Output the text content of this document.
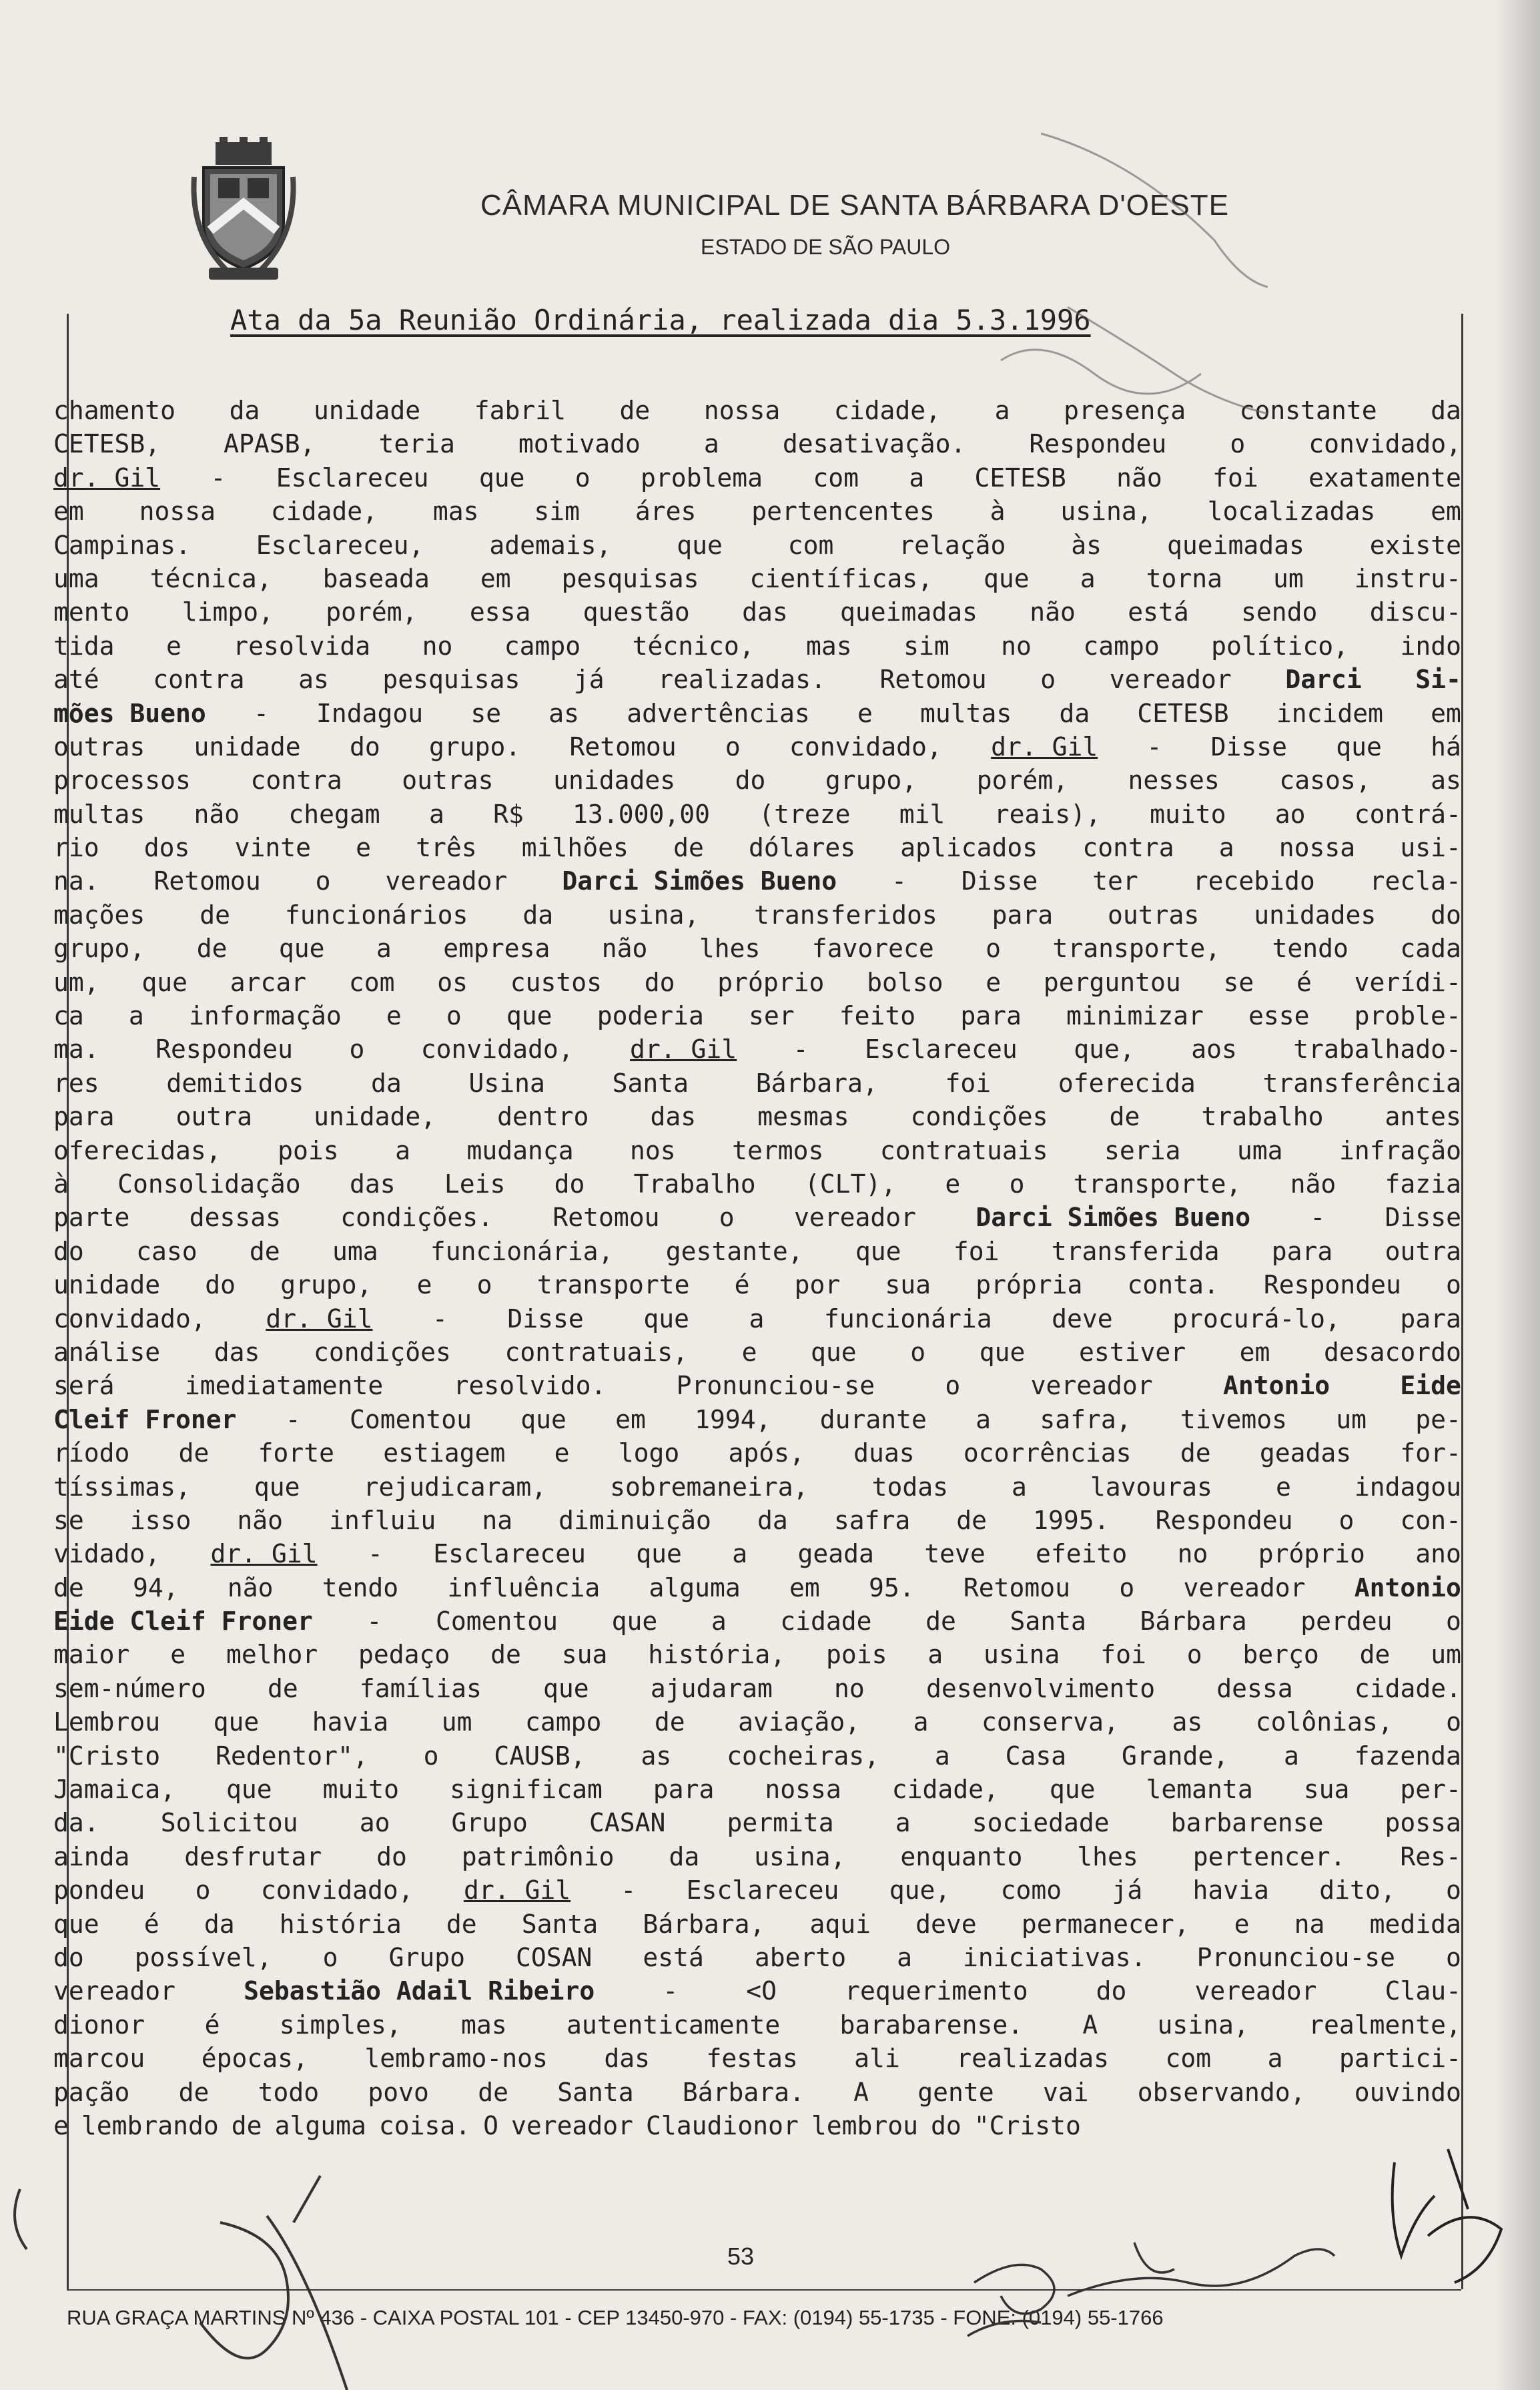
CÂMARA MUNICIPAL DE SANTA BÁRBARA D'OESTE
ESTADO DE SÃO PAULO
Ata da 5a Reunião Ordinária, realizada dia 5.3.1996
chamento da unidade fabril de nossa cidade, a presença constante da
CETESB,	APASB,	teria	motivado	a	desativação.	Respondeu	o	convidado,
dr. Gil - Esclareceu que o problema com a CETESB não foi exatamente
em nossa cidade, mas sim áres pertencentes à usina, localizadas em
Campinas.	Esclareceu,	ademais,	que	com	relação	às	queimadas	existe
uma técnica, baseada em pesquisas científicas, que a torna um instru-
mento limpo, porém, essa questão das queimadas não está sendo discu-
tida e resolvida no campo técnico, mas sim no campo político, indo
até contra as pesquisas já realizadas. Retomou o vereador Darci Si-
mões Bueno - Indagou se as advertências e multas da CETESB incidem em
outras unidade do grupo. Retomou o convidado, dr. Gil - Disse que há
processos contra outras unidades do grupo, porém, nesses casos, as
multas não chegam a R$ 13.000,00 (treze mil reais), muito ao contrá-
rio dos vinte e três milhões de dólares aplicados contra a nossa usi-
na. Retomou o vereador Darci Simões Bueno - Disse ter recebido recla-
mações de funcionários da usina, transferidos para outras unidades do
grupo, de que a empresa não lhes favorece o transporte, tendo cada
um, que arcar com os custos do próprio bolso e perguntou se é verídi-
ca a informação e o que poderia ser feito para minimizar esse proble-
ma. Respondeu o convidado, dr. Gil - Esclareceu que, aos trabalhado-
res	demitidos	da	Usina	Santa	Bárbara,	foi	oferecida	transferência
para outra unidade, dentro das mesmas condições de trabalho antes
oferecidas, pois a mudança nos termos contratuais seria uma infração
à Consolidação das Leis do Trabalho (CLT), e o transporte, não fazia
parte dessas condições. Retomou o vereador Darci Simões Bueno - Disse
do caso de uma funcionária, gestante, que foi transferida para outra
unidade do grupo, e o transporte é por sua própria conta. Respondeu o
convidado, dr. Gil - Disse que a funcionária deve procurá-lo, para
análise das condições contratuais, e que o que estiver em desacordo
será	imediatamente	resolvido.	Pronunciou-se	o	vereador	Antonio	Eide
Cleif Froner - Comentou que em 1994, durante a safra, tivemos um pe-
ríodo de forte estiagem e logo após, duas ocorrências de geadas for-
tíssimas,	que	rejudicaram,	sobremaneira,	todas	a	lavouras	e	indagou
se isso não influiu na diminuição da safra de 1995. Respondeu o con-
vidado, dr. Gil - Esclareceu que a geada teve efeito no próprio ano
de 94, não tendo influência alguma em 95. Retomou o vereador Antonio
Eide Cleif Froner - Comentou que a cidade de Santa Bárbara perdeu o
maior e melhor pedaço de sua história, pois a usina foi o berço de um
sem-número de famílias que ajudaram no desenvolvimento dessa cidade.
Lembrou que havia um campo de aviação, a conserva, as colônias, o
"Cristo Redentor", o CAUSB, as cocheiras, a Casa Grande, a fazenda
Jamaica, que muito significam para nossa cidade, que lemanta sua per-
da. Solicitou ao Grupo CASAN permita a sociedade barbarense possa
ainda desfrutar do patrimônio da usina, enquanto lhes pertencer. Res-
pondeu o convidado, dr. Gil - Esclareceu que, como já havia dito, o
que é da história de Santa Bárbara, aqui deve permanecer, e na medida
do possível, o Grupo COSAN está aberto a iniciativas. Pronunciou-se o
vereador	Sebastião Adail Ribeiro	-	<O	requerimento	do	vereador	Clau-
dionor é simples, mas autenticamente barabarense. A usina, realmente,
marcou épocas, lembramo-nos das festas ali realizadas com a partici-
pação de todo povo de Santa Bárbara. A gente vai observando, ouvindo
e lembrando de alguma coisa. O vereador Claudionor lembrou do "Cristo
53
RUA GRAÇA MARTINS Nº 436 - CAIXA POSTAL 101 - CEP 13450-970 - FAX: (0194) 55-1735 - FONE: (0194) 55-1766
